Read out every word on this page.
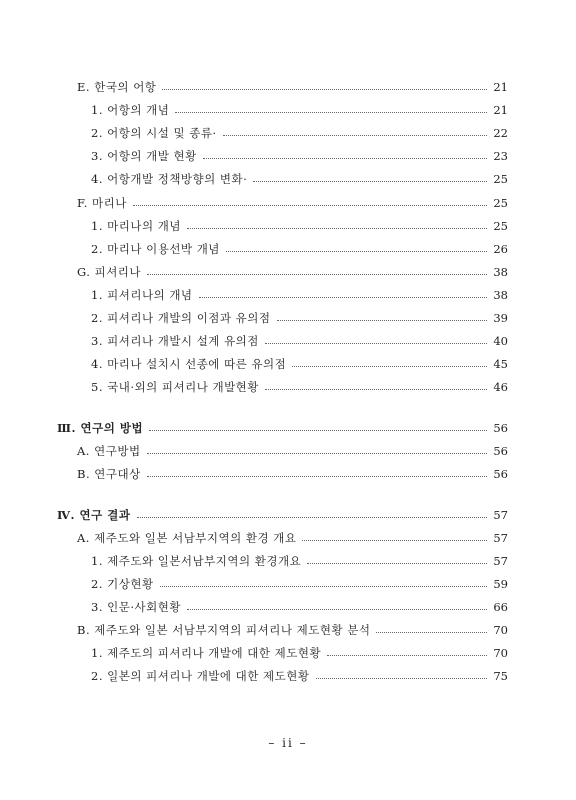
E. 한국의 어항	21
1. 어항의 개념	21
2. 어항의 시설 및 종류·	22
3. 어항의 개발 현황	23
4. 어항개발 정책방향의 변화·	25
F. 마리나	25
1. 마리나의 개념	25
2. 마리나 이용선박 개념	26
G. 피셔리나	38
1. 피셔리나의 개념	38
2. 피셔리나 개발의 이점과 유의점	39
3. 피셔리나 개발시 설계 유의점	40
4. 마리나 설치시 선종에 따른 유의점	45
5. 국내·외의 피셔리나 개발현황	46
Ⅲ. 연구의 방법	56
A. 연구방법	56
B. 연구대상	56
Ⅳ. 연구 결과	57
A. 제주도와 일본 서남부지역의 환경 개요	57
1. 제주도와 일본서남부지역의 환경개요	57
2. 기상현황	59
3. 인문·사회현황	66
B. 제주도와 일본 서남부지역의 피셔리나 제도현황 분석	70
1. 제주도의 피셔리나 개발에 대한 제도현황	70
2. 일본의 피셔리나 개발에 대한 제도현황	75
– ii –
